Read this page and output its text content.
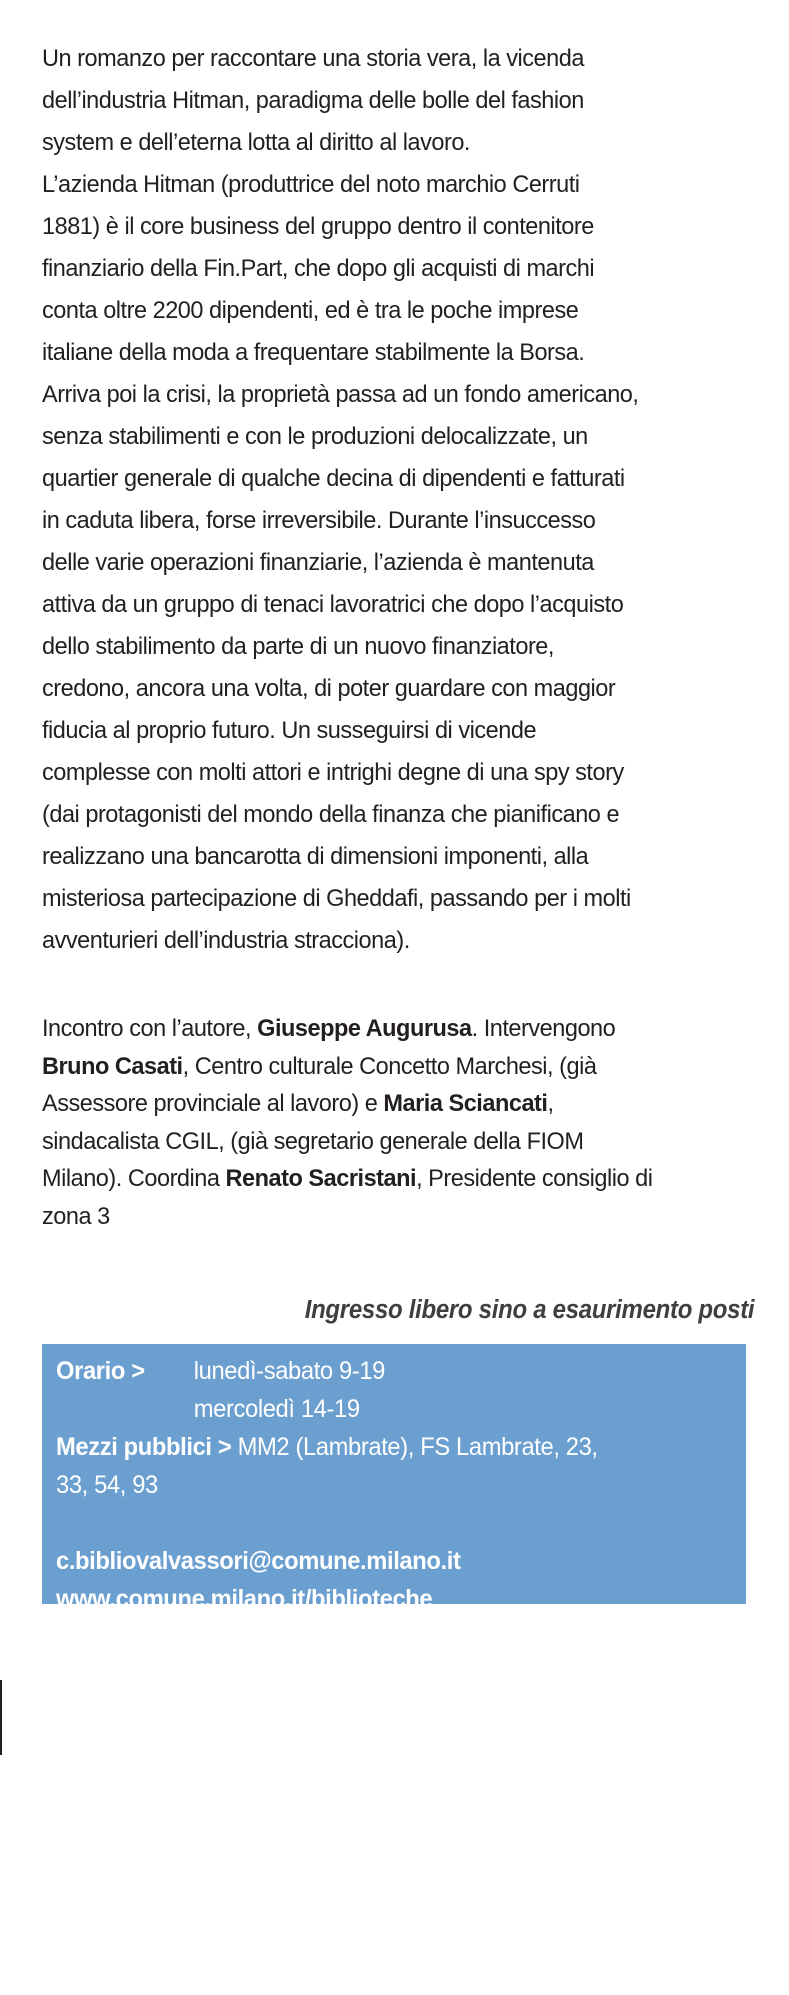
Un romanzo per raccontare una storia vera, la vicenda
dell’industria Hitman, paradigma delle bolle del fashion
system e dell’eterna lotta al diritto al lavoro.
L’azienda Hitman (produttrice del noto marchio Cerruti
1881) è il core business del gruppo dentro il contenitore
finanziario della Fin.Part, che dopo gli acquisti di marchi
conta oltre 2200 dipendenti, ed è tra le poche imprese
italiane della moda a frequentare stabilmente la Borsa.
Arriva poi la crisi, la proprietà passa ad un fondo americano,
senza stabilimenti e con le produzioni delocalizzate, un
quartier generale di qualche decina di dipendenti e fatturati
in caduta libera, forse irreversibile. Durante l’insuccesso
delle varie operazioni finanziarie, l’azienda è mantenuta
attiva da un gruppo di tenaci lavoratrici che dopo l’acquisto
dello stabilimento da parte di un nuovo finanziatore,
credono, ancora una volta, di poter guardare con maggior
fiducia al proprio futuro. Un susseguirsi di vicende
complesse con molti attori e intrighi degne di una spy story
(dai protagonisti del mondo della finanza che pianificano e
realizzano una bancarotta di dimensioni imponenti, alla
misteriosa partecipazione di Gheddafi, passando per i molti
avventurieri dell’industria stracciona).
Incontro con l’autore, Giuseppe Augurusa. Intervengono
Bruno Casati, Centro culturale Concetto Marchesi, (già
Assessore provinciale al lavoro) e Maria Sciancati,
sindacalista CGIL, (già segretario generale della FIOM
Milano). Coordina Renato Sacristani, Presidente consiglio di
zona 3
Ingresso libero sino a esaurimento posti
Orario > lunedì-sabato 9-19

mercoledì 14-19
Mezzi pubblici > MM2 (Lambrate), FS Lambrate, 23,
33, 54, 93
c.bibliovalvassori@comune.milano.it
www.comune.milano.it/biblioteche
